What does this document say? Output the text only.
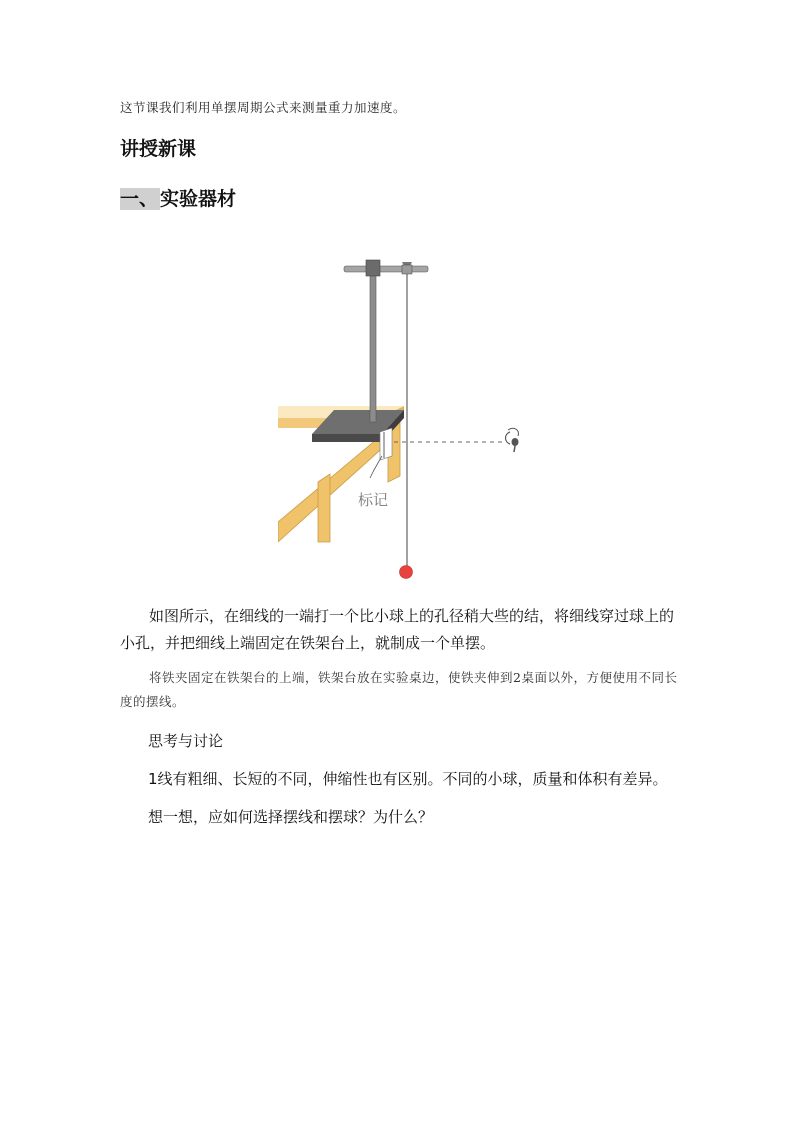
这节课我们利用单摆周期公式来测量重力加速度。
讲授新课
一、 实验器材
标记
如图所示，在细线的一端打一个比小球上的孔径稍大些的结，将细线穿过球上的小孔，并把细线上端固定在铁架台上，就制成一个单摆。
将铁夹固定在铁架台的上端，铁架台放在实验桌边，使铁夹伸到2桌面以外，方便使用不同长度的摆线。
思考与讨论
1线有粗细、长短的不同，伸缩性也有区别。不同的小球，质量和体积有差异。
想一想，应如何选择摆线和摆球？为什么？
